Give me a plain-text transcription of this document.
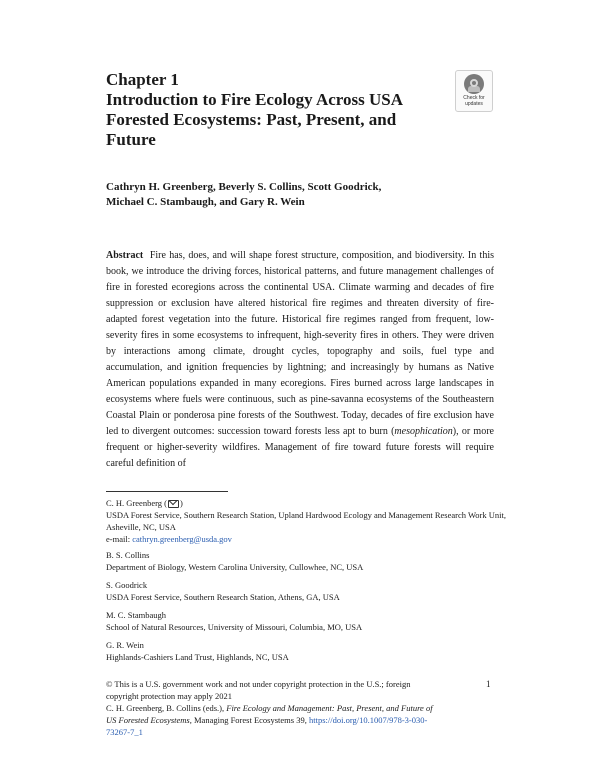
Chapter 1
Introduction to Fire Ecology Across USA Forested Ecosystems: Past, Present, and Future
Check for updates
Cathryn H. Greenberg, Beverly S. Collins, Scott Goodrick,
Michael C. Stambaugh, and Gary R. Wein
Abstract Fire has, does, and will shape forest structure, composition, and biodiversity. In this book, we introduce the driving forces, historical patterns, and future management challenges of fire in forested ecoregions across the continental USA. Climate warming and decades of fire suppression or exclusion have altered historical fire regimes and threaten diversity of fire-adapted forest vegetation into the future. Historical fire regimes ranged from frequent, low-severity fires in some ecosystems to infrequent, high-severity fires in others. They were driven by interactions among climate, drought cycles, topography and soils, fuel type and accumulation, and ignition frequencies by lightning; and increasingly by humans as Native American populations expanded in many ecoregions. Fires burned across large landscapes in ecosystems where fuels were continuous, such as pine-savanna ecosystems of the Southeastern Coastal Plain or ponderosa pine forests of the Southwest. Today, decades of fire exclusion have led to divergent outcomes: succession toward forests less apt to burn (mesophication), or more frequent or higher-severity wildfires. Management of fire toward future forests will require careful definition of
C. H. Greenberg ( )
USDA Forest Service, Southern Research Station, Upland Hardwood Ecology and Management Research Work Unit, Asheville, NC, USA
e-mail: cathryn.greenberg@usda.gov
B. S. Collins
Department of Biology, Western Carolina University, Cullowhee, NC, USA
S. Goodrick
USDA Forest Service, Southern Research Station, Athens, GA, USA
M. C. Stambaugh
School of Natural Resources, University of Missouri, Columbia, MO, USA
G. R. Wein
Highlands-Cashiers Land Trust, Highlands, NC, USA
© This is a U.S. government work and not under copyright protection in the U.S.; foreign copyright protection may apply 2021
C. H. Greenberg, B. Collins (eds.), Fire Ecology and Management: Past, Present, and Future of US Forested Ecosystems, Managing Forest Ecosystems 39, https://doi.org/10.1007/978-3-030-73267-7_1
1
